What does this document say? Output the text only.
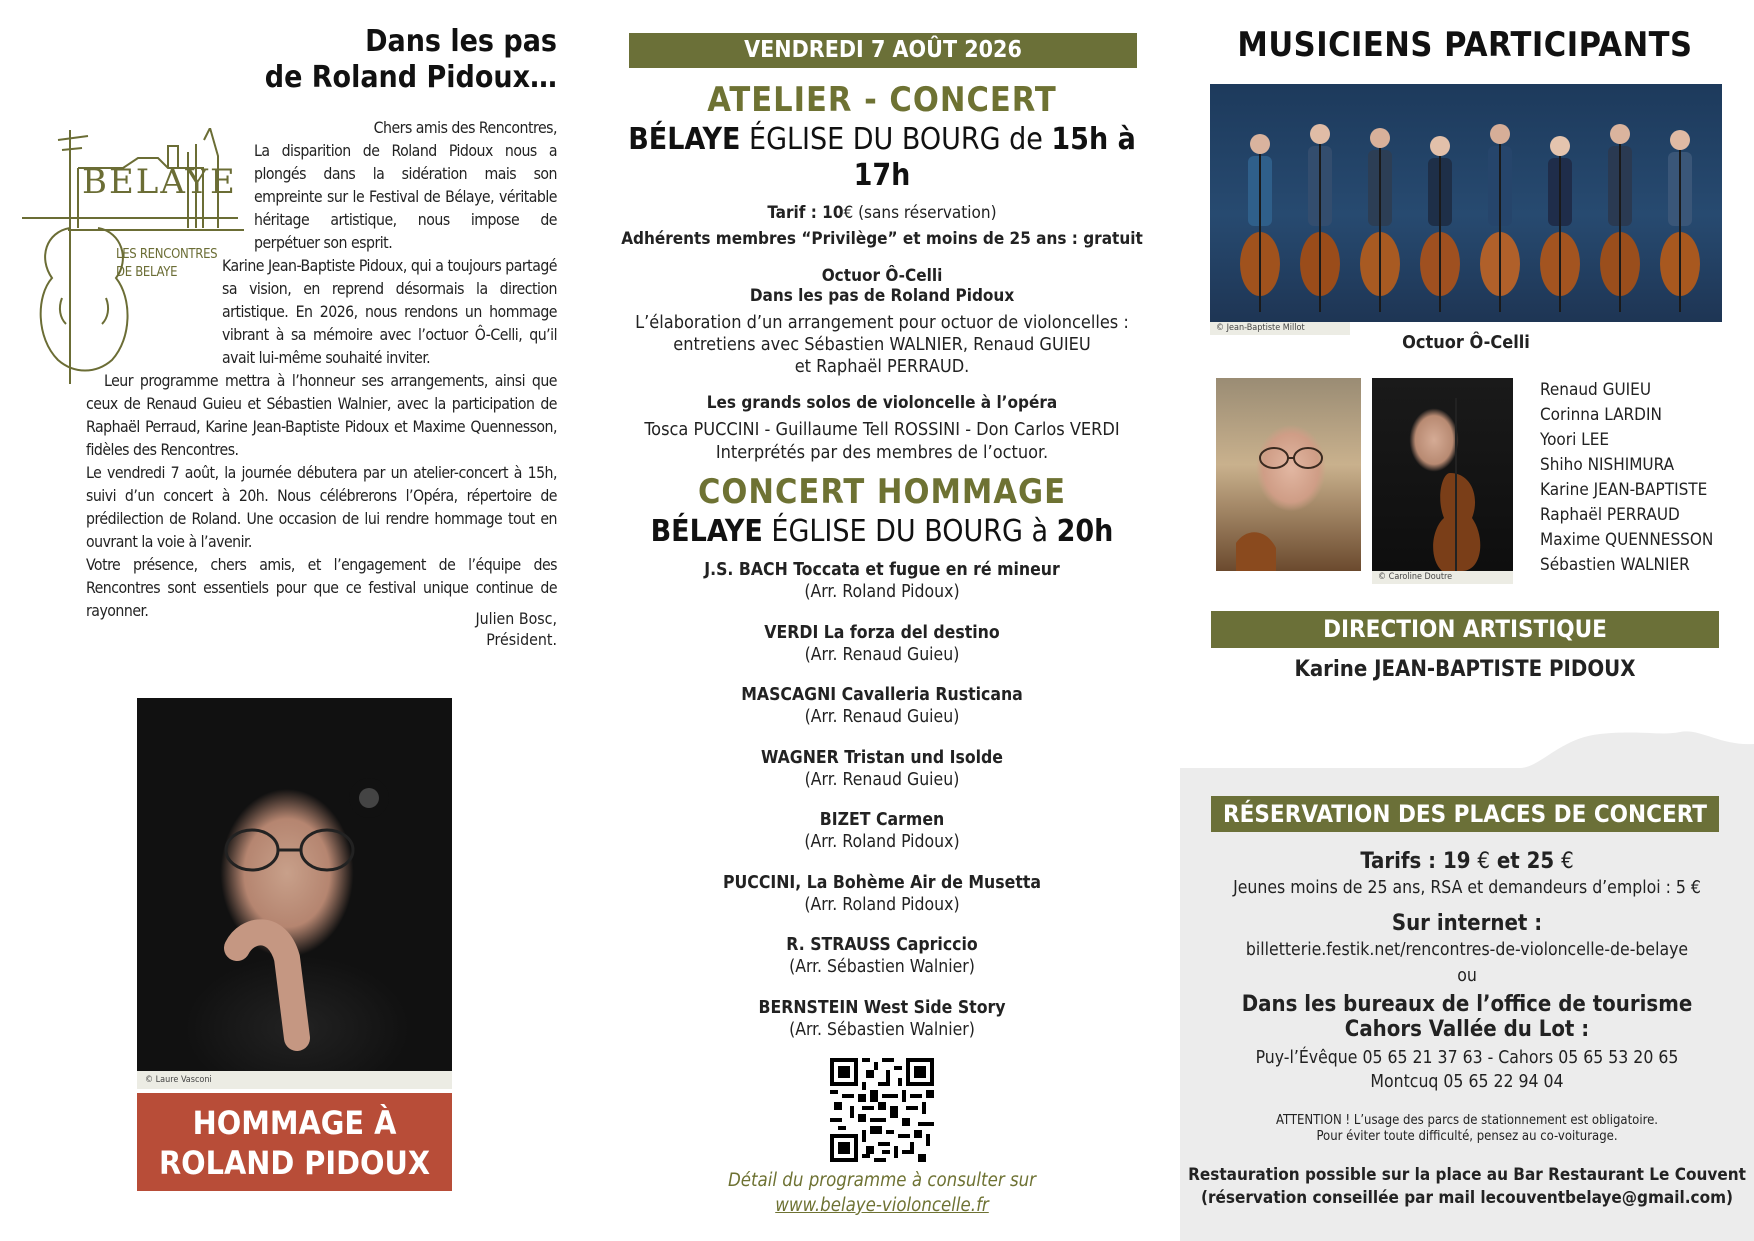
Dans les pas
de Roland Pidoux…
BELAYE
LES RENCONTRES
DE BELAYE

Chers amis des Rencontres,

La disparition de Roland Pidoux nous a plongés dans la sidération mais son empreinte sur le Festival de Bélaye, véritable héritage artistique, nous impose de perpétuer son esprit.

Karine Jean-Baptiste Pidoux, qui a toujours partagé sa vision, en reprend désormais la direction artistique. En 2026, nous rendons un hommage vibrant à sa mémoire avec l’octuor Ô-Celli, qu’il avait lui-même souhaité inviter.

Leur programme mettra à l’honneur ses arrangements, ainsi que ceux de Renaud Guieu et Sébastien Walnier, avec la participation de Raphaël Perraud, Karine Jean-Baptiste Pidoux et Maxime Quennesson, fidèles des Rencontres.

Le vendredi 7 août, la journée débutera par un atelier-concert à 15h, suivi d’un concert à 20h. Nous célébrerons l’Opéra, répertoire de prédilection de Roland. Une occasion de lui rendre hommage tout en ouvrant la voie à l’avenir.

Votre présence, chers amis, et l’engagement de l’équipe des Rencontres sont essentiels pour que ce festival unique continue de rayonner.	Julien Bosc,
Président.
© Laure Vasconi
HOMMAGE À
ROLAND PIDOUX
VENDREDI 7 AOÛT 2026
ATELIER - CONCERT
BÉLAYE ÉGLISE DU BOURG de 15h à 17h
Tarif : 10€ (sans réservation)
Adhérents membres “Privilège” et moins de 25 ans : gratuit
Octuor Ô-Celli
Dans les pas de Roland Pidoux
L’élaboration d’un arrangement pour octuor de violoncelles :
entretiens avec Sébastien WALNIER, Renaud GUIEU
et Raphaël PERRAUD.
Les grands solos de violoncelle à l’opéra
Tosca PUCCINI - Guillaume Tell ROSSINI - Don Carlos VERDI
Interprétés par des membres de l’octuor.
CONCERT HOMMAGE
BÉLAYE ÉGLISE DU BOURG à 20h
J.S. BACH Toccata et fugue en ré mineur
(Arr. Roland Pidoux)
VERDI La forza del destino
(Arr. Renaud Guieu)
MASCAGNI Cavalleria Rusticana
(Arr. Renaud Guieu)
WAGNER Tristan und Isolde
(Arr. Renaud Guieu)
BIZET Carmen
(Arr. Roland Pidoux)
PUCCINI, La Bohème Air de Musetta
(Arr. Roland Pidoux)
R. STRAUSS Capriccio
(Arr. Sébastien Walnier)
BERNSTEIN West Side Story
(Arr. Sébastien Walnier)
Détail du programme à consulter sur
www.belaye-violoncelle.fr
MUSICIENS PARTICIPANTS
© Jean-Baptiste Millot
Octuor Ô-Celli
© Caroline Doutre
Renaud GUIEU
Corinna LARDIN
Yoori LEE
Shiho NISHIMURA
Karine JEAN-BAPTISTE
Raphaël PERRAUD
Maxime QUENNESSON
Sébastien WALNIER
DIRECTION ARTISTIQUE
Karine JEAN-BAPTISTE PIDOUX
RÉSERVATION DES PLACES DE CONCERT
Tarifs : 19 € et 25 €
Jeunes moins de 25 ans, RSA et demandeurs d’emploi : 5 €
Sur internet :
billetterie.festik.net/rencontres-de-violoncelle-de-belaye
ou
Dans les bureaux de l’office de tourisme
Cahors Vallée du Lot :
Puy-l’Évêque 05 65 21 37 63 - Cahors 05 65 53 20 65
Montcuq 05 65 22 94 04
ATTENTION ! L’usage des parcs de stationnement est obligatoire.
Pour éviter toute difficulté, pensez au co-voiturage.
Restauration possible sur la place au Bar Restaurant Le Couvent
(réservation conseillée par mail lecouventbelaye@gmail.com)
